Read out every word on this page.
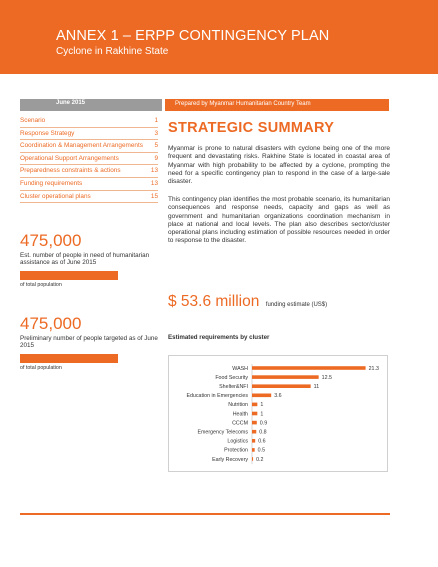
ANNEX 1 – ERPP CONTINGENCY PLAN
Cyclone in Rakhine State
June 2015	Prepared by Myanmar Humanitarian Country Team
Scenario	1
Response Strategy	3
Coordination & Management Arrangements 5
Operational Support Arrangements	9
Preparedness constraints & actions	13
Funding requirements	13
Cluster operational plans	15
475,000
Est. number of people in need of humanitarian assistance as of June 2015
80%
of total population
475,000
Preliminary number of people targeted as of June 2015
80%
of total population
STRATEGIC SUMMARY

Myanmar is prone to natural disasters with cyclone being one of the more frequent and devastating risks. Rakhine State is located in coastal area of Myanmar with high probability to be affected by a cyclone, prompting the need for a specific contingency plan to respond in the case of a large-sale disaster.

This contingency plan identifies the most probable scenario, its humanitarian consequences and response needs, capacity and gaps as well as government and humanitarian organizations coordination mechanism in place at national and local levels. The plan also describes sector/cluster operational plans including estimation of possible resources needed in order to response to the disaster.

$ 53.6 million funding estimate (US$)
Estimated requirements by cluster
WASH	21.3
Food Security	12.5
Shelter&NFI	11
Education in Emergencies	3.6
Nutrition 1
Health 1
CCCM 0.9
Emergency Telecoms 0.8
Logistics 0.6
Protection 0.5
Early Recovery 0.2
